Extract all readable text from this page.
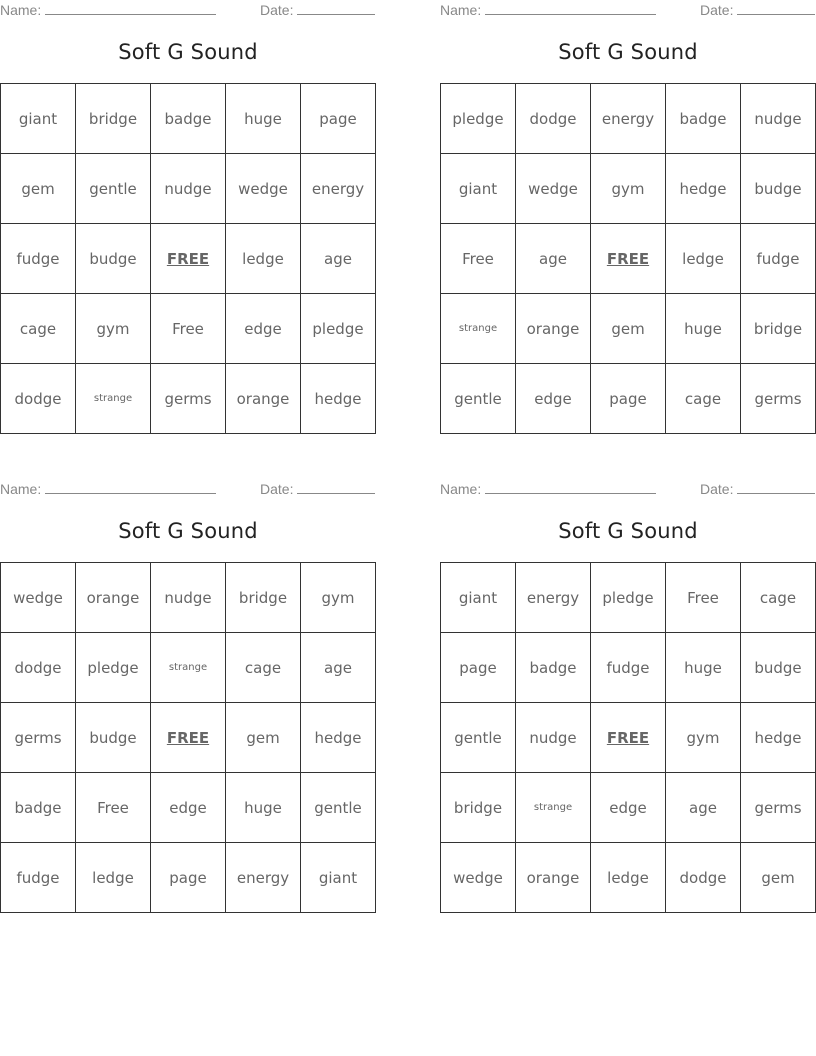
Name:	Date:
Soft G Sound
giant	bridge	badge	huge	page
gem	gentle	nudge	wedge	energy
fudge	budge	FREE	ledge	age
cage	gym	Free	edge	pledge
dodge	strange	germs	orange	hedge
Name:	Date:
Soft G Sound
pledge	dodge	energy	badge	nudge
giant	wedge	gym	hedge	budge
Free	age	FREE	ledge	fudge
strange	orange	gem	huge	bridge
gentle	edge	page	cage	germs
Name:	Date:
Soft G Sound
wedge	orange	nudge	bridge	gym
dodge	pledge	strange	cage	age
germs	budge	FREE	gem	hedge
badge	Free	edge	huge	gentle
fudge	ledge	page	energy	giant
Name:	Date:
Soft G Sound
giant	energy	pledge	Free	cage
page	badge	fudge	huge	budge
gentle	nudge	FREE	gym	hedge
bridge	strange	edge	age	germs
wedge	orange	ledge	dodge	gem
